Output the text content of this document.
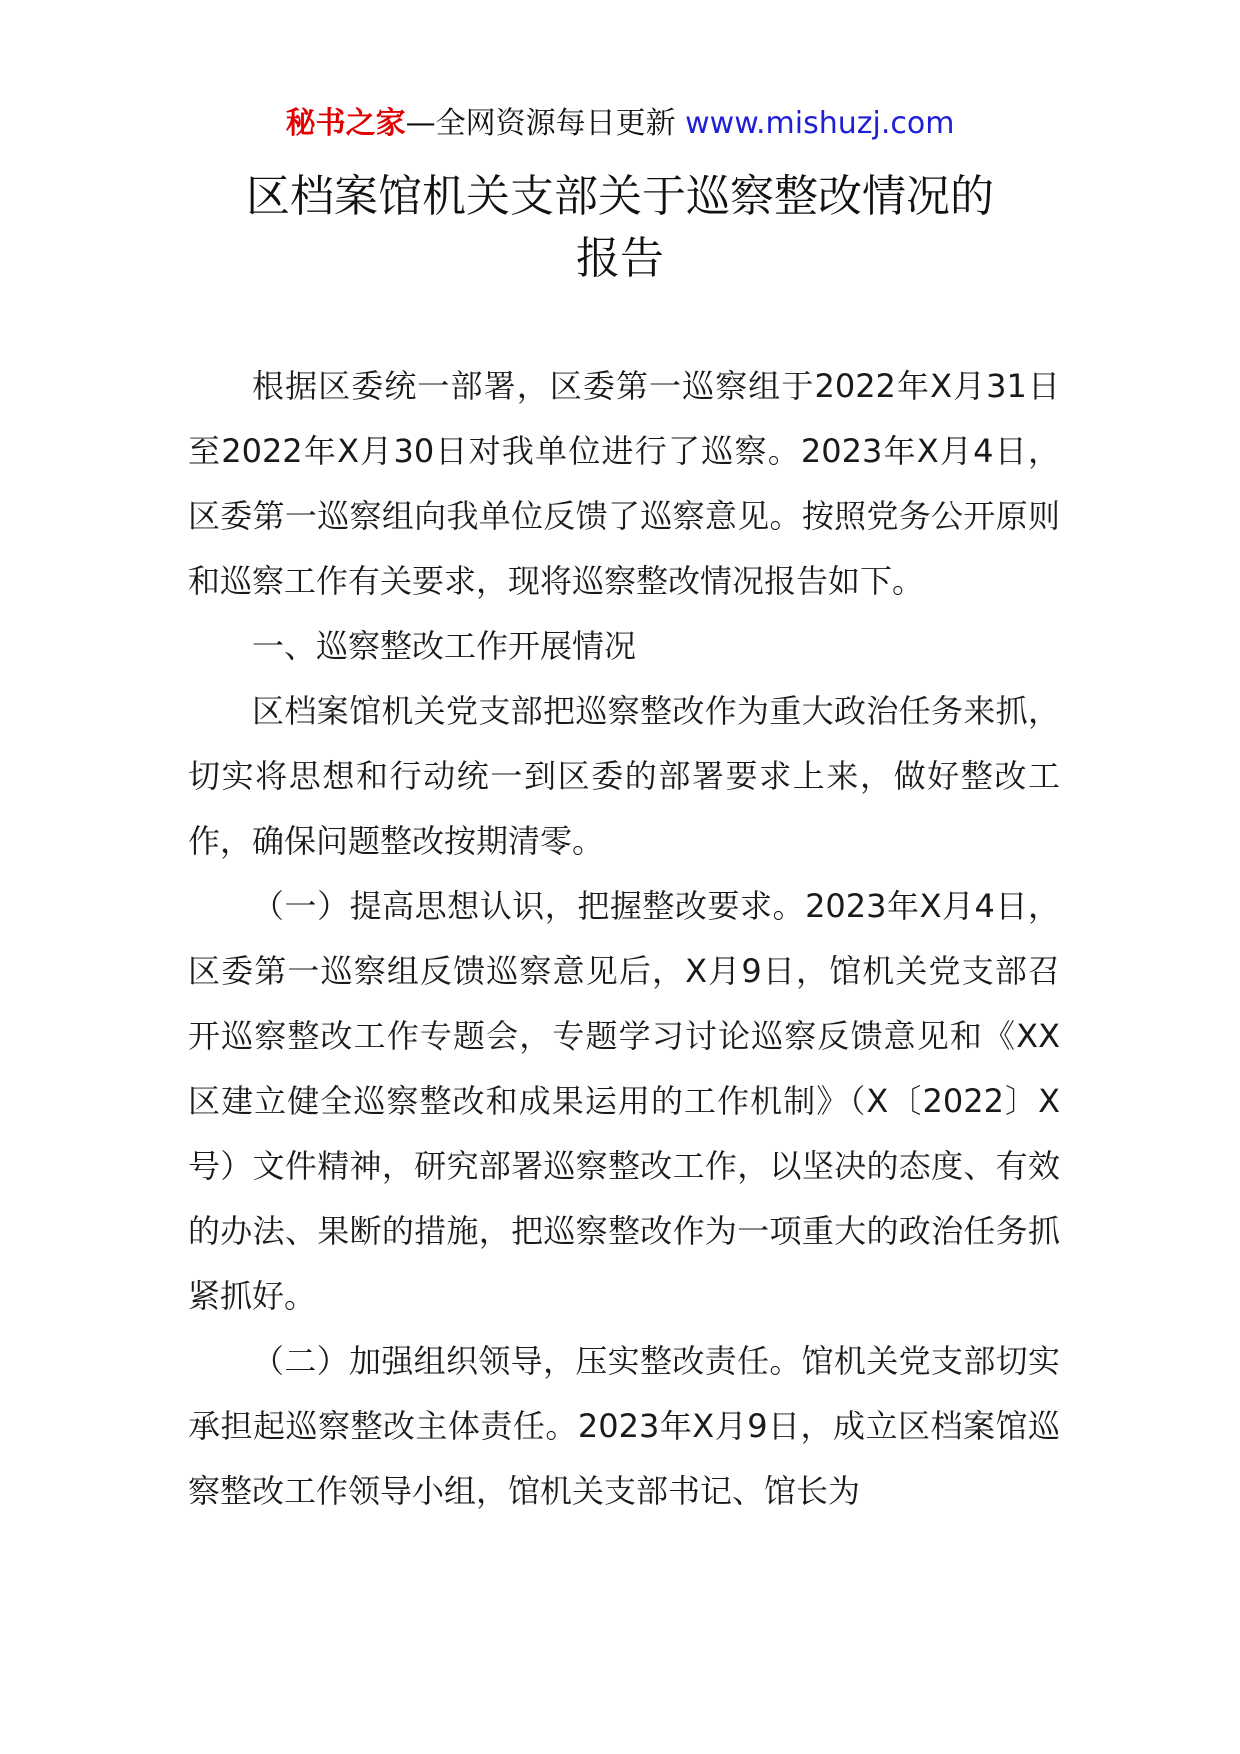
秘书之家—全网资源每日更新 www.mishuzj.com
区档案馆机关支部关于巡察整改情况的
报告

根据区委统一部署，区委第一巡察组于2022年X月31日至2022年X月30日对我单位进行了巡察。2023年X月4日，区委第一巡察组向我单位反馈了巡察意见。按照党务公开原则和巡察工作有关要求，现将巡察整改情况报告如下。

一、巡察整改工作开展情况

区档案馆机关党支部把巡察整改作为重大政治任务来抓，切实将思想和行动统一到区委的部署要求上来，做好整改工作，确保问题整改按期清零。

（一）提高思想认识，把握整改要求。2023年X月4日，区委第一巡察组反馈巡察意见后，X月9日，馆机关党支部召开巡察整改工作专题会，专题学习讨论巡察反馈意见和《XX区建立健全巡察整改和成果运用的工作机制》（X〔2022〕X号）文件精神，研究部署巡察整改工作，以坚决的态度、有效的办法、果断的措施，把巡察整改作为一项重大的政治任务抓紧抓好。

（二）加强组织领导，压实整改责任。馆机关党支部切实承担起巡察整改主体责任。2023年X月9日，成立区档案馆巡察整改工作领导小组，馆机关支部书记、馆长为
